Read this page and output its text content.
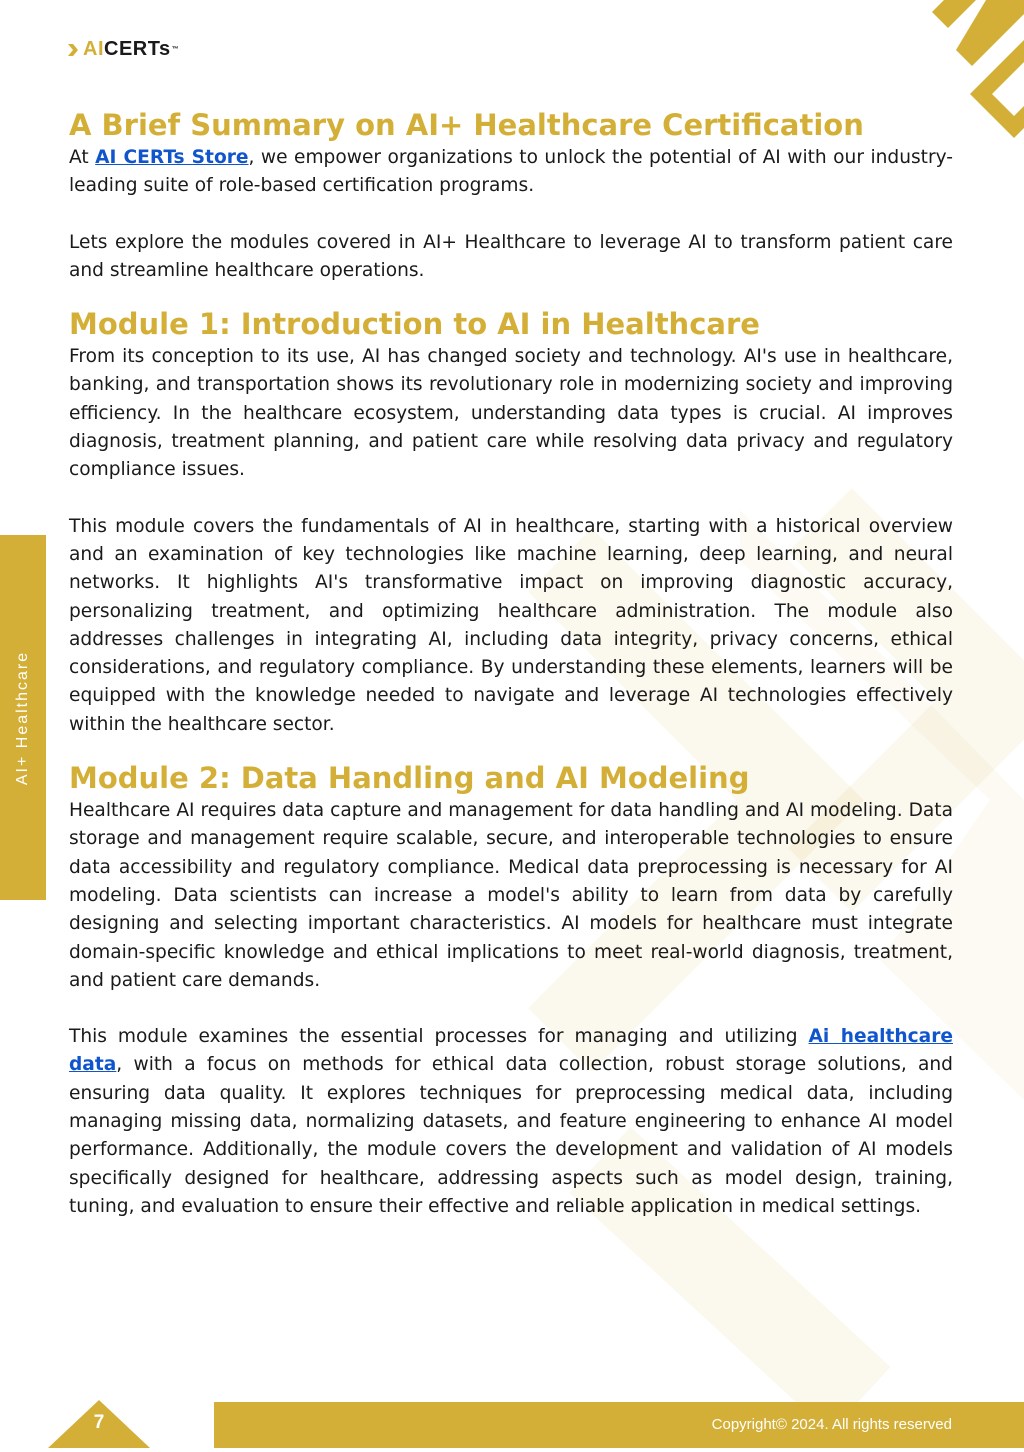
AI CERTs ™
AI+ Healthcare
A Brief Summary on AI+ Healthcare Certification

At AI CERTs Store, we empower organizations to unlock the potential of AI with our industry-leading suite of role-based certification programs.

Lets explore the modules covered in AI+ Healthcare to leverage AI to transform patient care and streamline healthcare operations.

Module 1: Introduction to AI in Healthcare

From its conception to its use, AI has changed society and technology. AI's use in healthcare, banking, and transportation shows its revolutionary role in modernizing society and improving efficiency. In the healthcare ecosystem, understanding data types is crucial. AI improves diagnosis, treatment planning, and patient care while resolving data privacy and regulatory compliance issues.

This module covers the fundamentals of AI in healthcare, starting with a historical overview and an examination of key technologies like machine learning, deep learning, and neural networks. It highlights AI's transformative impact on improving diagnostic accuracy, personalizing treatment, and optimizing healthcare administration. The module also addresses challenges in integrating AI, including data integrity, privacy concerns, ethical considerations, and regulatory compliance. By understanding these elements, learners will be equipped with the knowledge needed to navigate and leverage AI technologies effectively within the healthcare sector.

Module 2: Data Handling and AI Modeling

Healthcare AI requires data capture and management for data handling and AI modeling. Data storage and management require scalable, secure, and interoperable technologies to ensure data accessibility and regulatory compliance. Medical data preprocessing is necessary for AI modeling. Data scientists can increase a model's ability to learn from data by carefully designing and selecting important characteristics. AI models for healthcare must integrate domain-specific knowledge and ethical implications to meet real-world diagnosis, treatment, and patient care demands.

This module examines the essential processes for managing and utilizing Ai healthcare data, with a focus on methods for ethical data collection, robust storage solutions, and ensuring data quality. It explores techniques for preprocessing medical data, including managing missing data, normalizing datasets, and feature engineering to enhance AI model performance. Additionally, the module covers the development and validation of AI models specifically designed for healthcare, addressing aspects such as model design, training, tuning, and evaluation to ensure their effective and reliable application in medical settings.

7	Copyright© 2024. All rights reserved
